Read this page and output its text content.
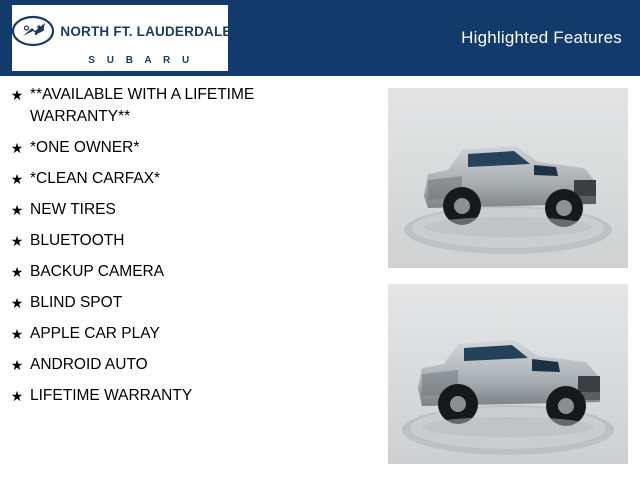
NORTH FT. LAUDERDALE
S U B A R U
Highlighted Features
★ **AVAILABLE WITH A LIFETIME WARRANTY**
★ *ONE OWNER*
★ *CLEAN CARFAX*
★ NEW TIRES
★ BLUETOOTH
★ BACKUP CAMERA
★ BLIND SPOT
★ APPLE CAR PLAY
★ ANDROID AUTO
★ LIFETIME WARRANTY
